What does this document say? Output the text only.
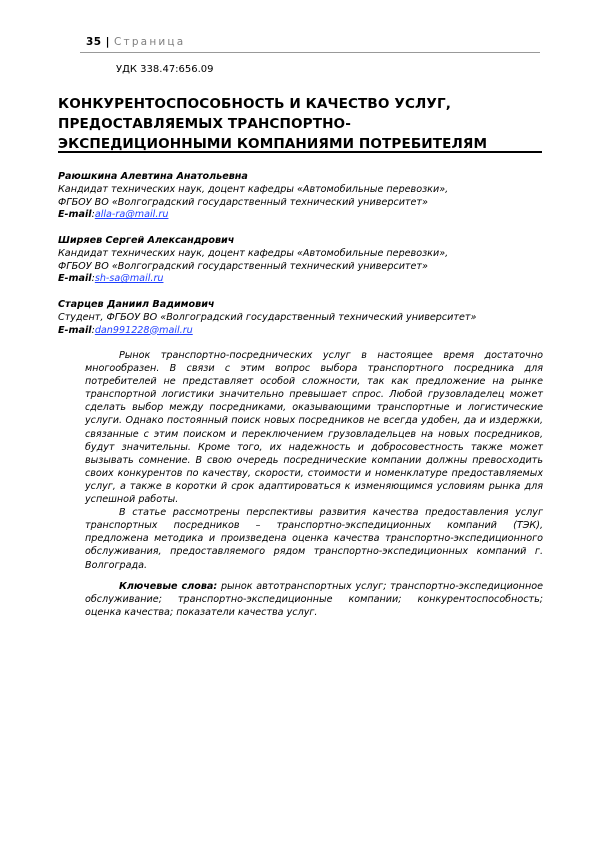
35 | Страница
УДК 338.47:656.09
КОНКУРЕНТОСПОСОБНОСТЬ И КАЧЕСТВО УСЛУГ,
ПРЕДОСТАВЛЯЕМЫХ ТРАНСПОРТНО-
ЭКСПЕДИЦИОННЫМИ КОМПАНИЯМИ ПОТРЕБИТЕЛЯМ
Раюшкина Алевтина Анатольевна
Кандидат технических наук, доцент кафедры «Автомобильные перевозки»,
ФГБОУ ВО «Волгоградский государственный технический университет»
E-mail:alla-ra@mail.ru
Ширяев Сергей Александрович
Кандидат технических наук, доцент кафедры «Автомобильные перевозки»,
ФГБОУ ВО «Волгоградский государственный технический университет»
E-mail:sh-sa@mail.ru
Старцев Даниил Вадимович
Студент, ФГБОУ ВО «Волгоградский государственный технический университет»
E-mail:dan991228@mail.ru

Рынок транспортно-посреднических услуг в настоящее время достаточно многообразен. В связи с этим вопрос выбора транспортного посредника для потребителей не представляет особой сложности, так как предложение на рынке транспортной логистики значительно превышает спрос. Любой грузовладелец может сделать выбор между посредниками, оказывающими транспортные и логистические услуги. Однако постоянный поиск новых посредников не всегда удобен, да и издержки, связанные с этим поиском и переключением грузовладельцев на новых посредников, будут значительны. Кроме того, их надежность и добросовестность также может вызывать сомнение. В свою очередь посреднические компании должны превосходить своих конкурентов по качеству, скорости, стоимости и номенклатуре предоставляемых услуг, а также в коротки й срок адаптироваться к изменяющимся условиям рынка для успешной работы.

В статье рассмотрены перспективы развития качества предоставления услуг транспортных посредников – транспортно-экспедиционных компаний (ТЭК), предложена методика и произведена оценка качества транспортно-экспедиционного обслуживания, предоставляемого рядом транспортно-экспедиционных компаний г. Волгограда.

Ключевые слова: рынок автотранспортных услуг; транспортно-экспедиционное обслуживание; транспортно-экспедиционные компании; конкурентоспособность; оценка качества; показатели качества услуг.
